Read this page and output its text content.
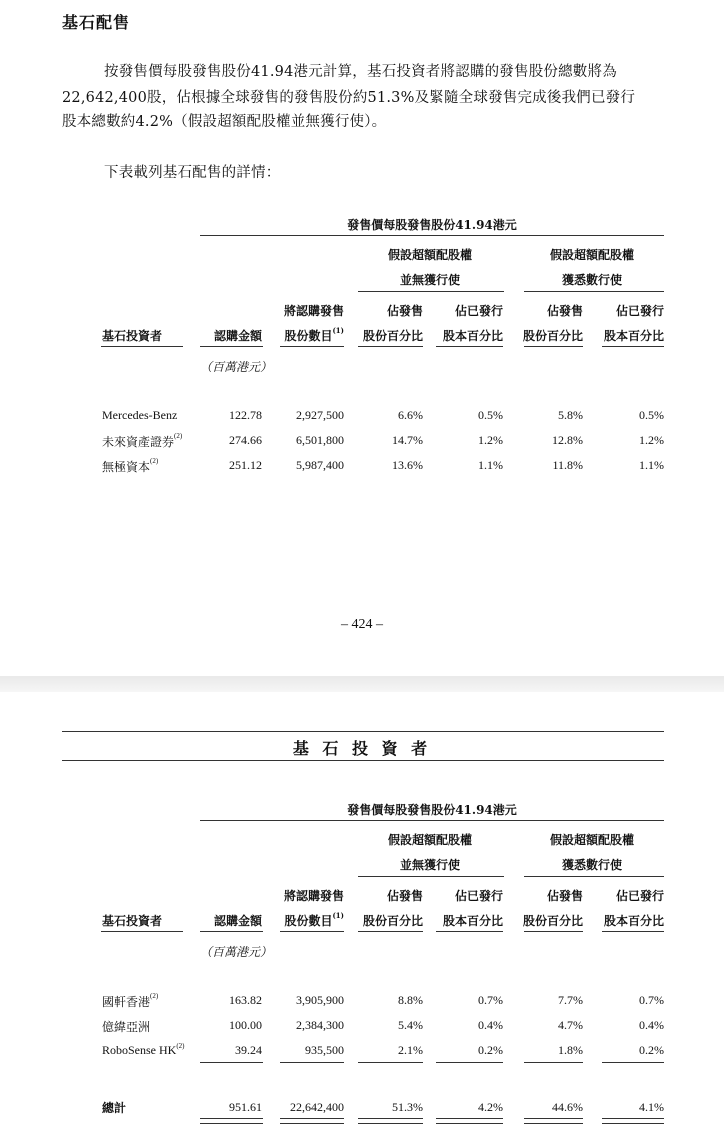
基石配售
按發售價每股發售股份41.94港元計算，基石投資者將認購的發售股份總數將為
22,642,400股，佔根據全球發售的發售股份約51.3%及緊隨全球發售完成後我們已發行
股本總數約4.2%（假設超額配股權並無獲行使）。
下表載列基石配售的詳情：
發售價每股發售股份41.94港元
假設超額配股權
並無獲行使
假設超額配股權
獲悉數行使
基石投資者	認購金額
將認購發售
股份數目$^{(1)}$
佔發售
股份百分比
佔已發行
股本百分比
佔發售
股份百分比
佔已發行
股本百分比
（百萬港元）
Mercedes-Benz	122.78	2,927,500	6.6%	0.5%	5.8%	0.5%
未來資產證券$^{(2)}$	274.66	6,501,800	14.7%	1.2%	12.8%	1.2%
無極資本$^{(2)}$	251.12	5,987,400	13.6%	1.1%	11.8%	1.1%
– 424 –
基 石 投 資 者
發售價每股發售股份41.94港元
假設超額配股權
並無獲行使
假設超額配股權
獲悉數行使
基石投資者	認購金額
將認購發售
股份數目$^{(1)}$
佔發售
股份百分比
佔已發行
股本百分比
佔發售
股份百分比
佔已發行
股本百分比
（百萬港元）
國軒香港$^{(2)}$	163.82	3,905,900	8.8%	0.7%	7.7%	0.7%
億緯亞洲	100.00	2,384,300	5.4%	0.4%	4.7%	0.4%
RoboSense HK$^{(2)}$	39.24	935,500	2.1%	0.2%	1.8%	0.2%
總計	951.61	22,642,400	51.3%	4.2%	44.6%	4.1%
